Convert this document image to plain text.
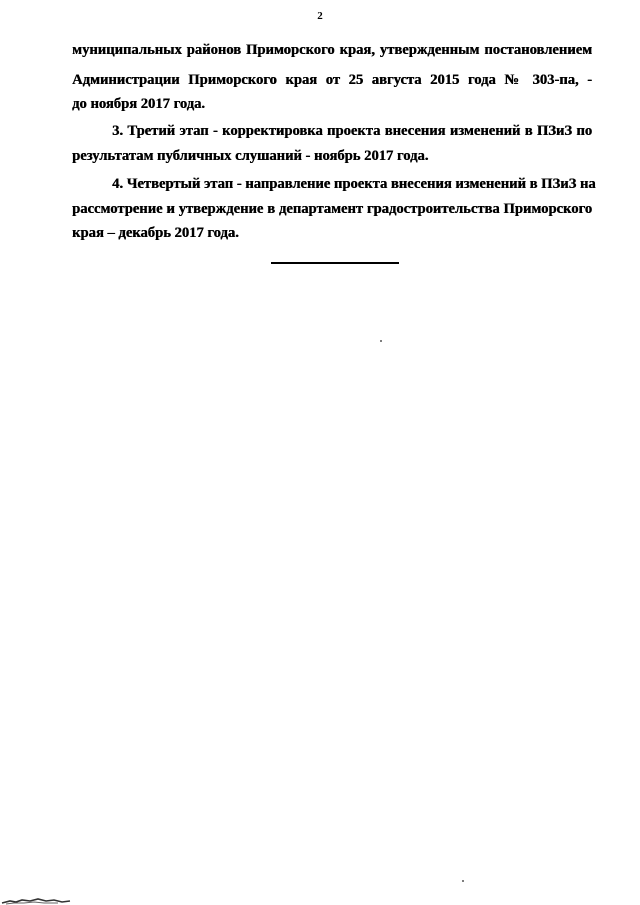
2
муниципальных районов Приморского края, утвержденным постановлением
Администрации Приморского края от 25 августа 2015 года № 303-па, -
до ноября 2017 года.
3. Третий этап - корректировка проекта внесения изменений в ПЗиЗ по
результатам публичных слушаний - ноябрь 2017 года.
4. Четвертый этап - направление проекта внесения изменений в ПЗиЗ на
рассмотрение и утверждение в департамент градостроительства Приморского
края – декабрь 2017 года.
